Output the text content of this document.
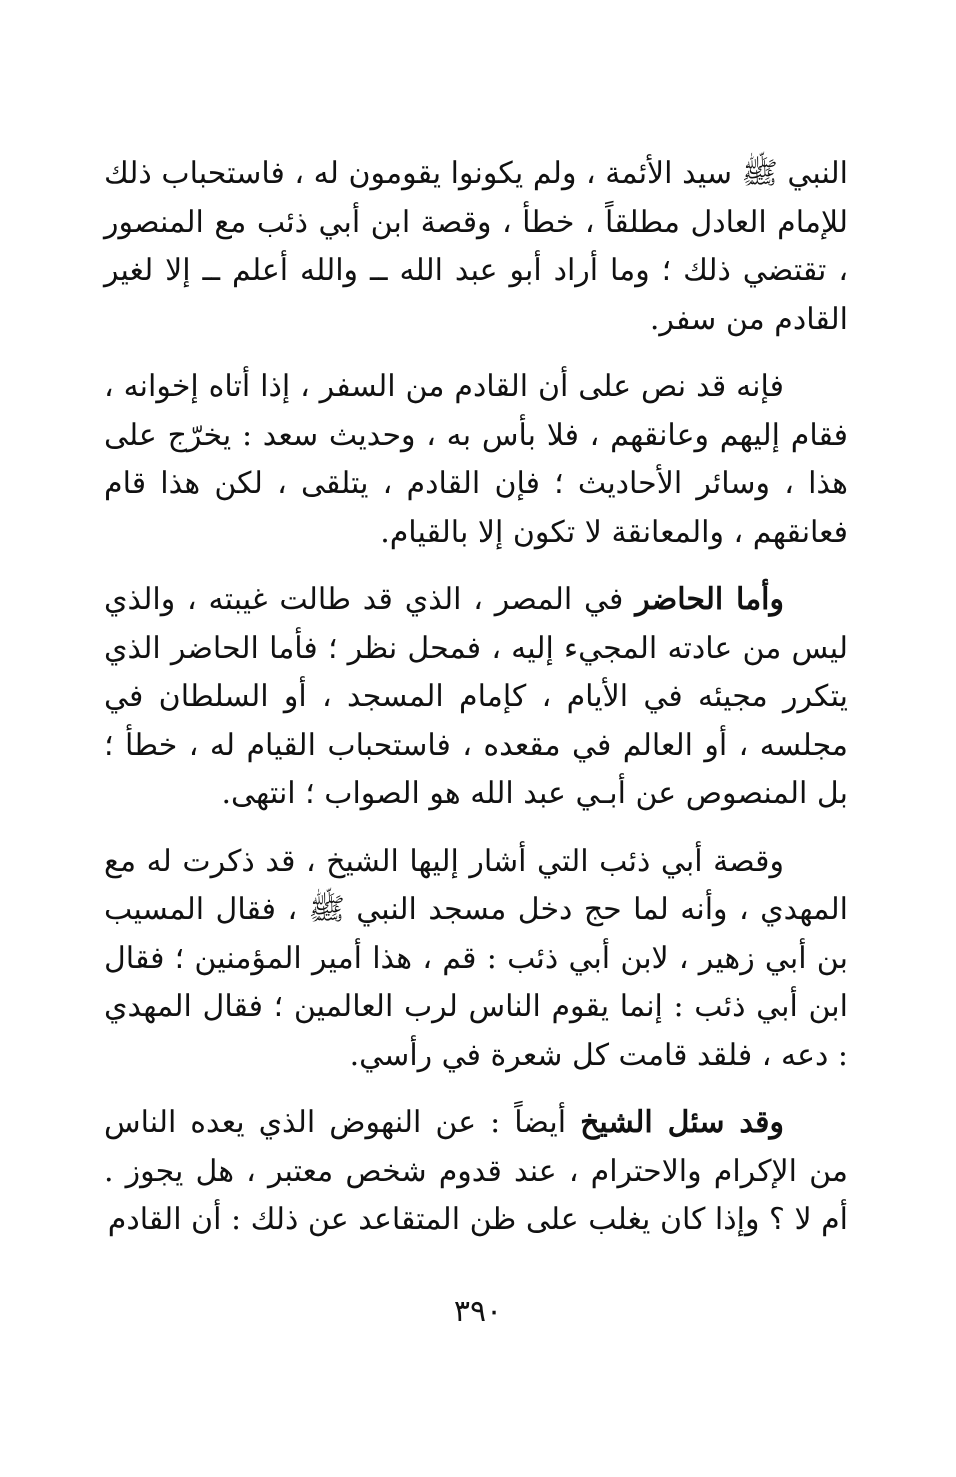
النبي ﷺ سيد الأئمة ، ولم يكونوا يقومون له ، فاستحباب ذلك للإمام العادل مطلقاً ، خطأ ، وقصة ابن أبي ذئب مع المنصور ، تقتضي ذلك ؛ وما أراد أبو عبد الله ــ والله أعلم ــ إلا لغير القادم من سفر.

فإنه قد نص على أن القادم من السفر ، إذا أتاه إخوانه ، فقام إليهم وعانقهم ، فلا بأس به ، وحديث سعد : يخرّج على هذا ، وسائر الأحاديث ؛ فإن القادم ، يتلقى ، لكن هذا قام فعانقهم ، والمعانقة لا تكون إلا بالقيام.

وأما الحاضر في المصر ، الذي قد طالت غيبته ، والذي ليس من عادته المجيء إليه ، فمحل نظر ؛ فأما الحاضر الذي يتكرر مجيئه في الأيام ، كإمام المسجد ، أو السلطان في مجلسه ، أو العالم في مقعده ، فاستحباب القيام له ، خطأ ؛ بل المنصوص عن أبـي عبد الله هو الصواب ؛ انتهى.

وقصة أبي ذئب التي أشار إليها الشيخ ، قد ذكرت له مع المهدي ، وأنه لما حج دخل مسجد النبي ﷺ ، فقال المسيب بن أبي زهير ، لابن أبي ذئب : قم ، هذا أمير المؤمنين ؛ فقال ابن أبي ذئب : إنما يقوم الناس لرب العالمين ؛ فقال المهدي : دعه ، فلقد قامت كل شعرة في رأسي.

وقد سئل الشيخ أيضاً : عن النهوض الذي يعده الناس من الإكرام والاحترام ، عند قدوم شخص معتبر ، هل يجوز . أم لا ؟ وإذا كان يغلب على ظن المتقاعد عن ذلك : أن القادم

٣٩٠
